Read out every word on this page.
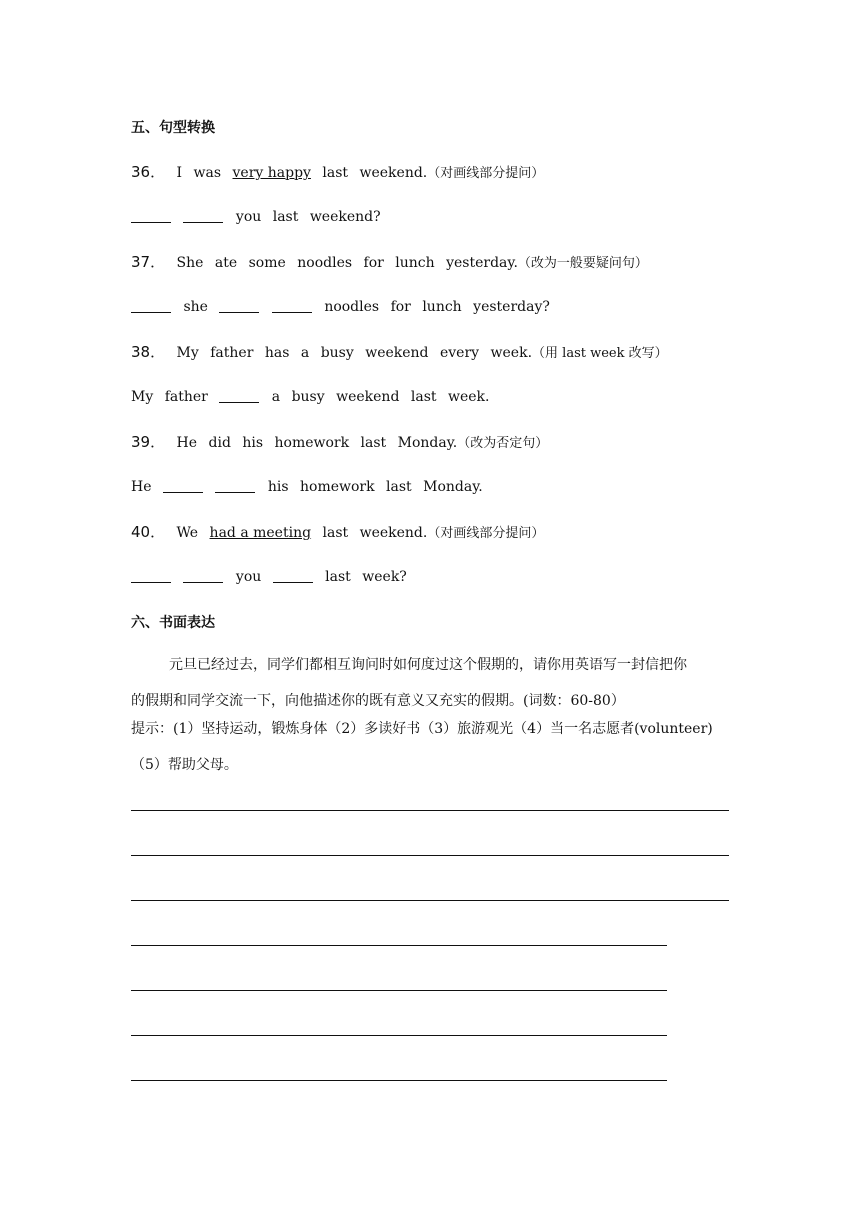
五、句型转换
36． I was very happy last weekend.（对画线部分提问）
you last weekend?
37． She ate some noodles for lunch yesterday.（改为一般要疑问句）
she	noodles for lunch yesterday?
38． My father has a busy weekend every week.（用 last week 改写）
My father	a busy weekend last week.
39． He did his homework last Monday.（改为否定句）
He	his homework last Monday.
40． We had a meeting last weekend.（对画线部分提问）
you	last week?
六、书面表达

元旦已经过去，同学们都相互询问时如何度过这个假期的，请你用英语写一封信把你

的假期和同学交流一下，向他描述你的既有意义又充实的假期。(词数：60-80）

提示：(1）坚持运动，锻炼身体（2）多读好书（3）旅游观光（4）当一名志愿者(volunteer)

（5）帮助父母。
